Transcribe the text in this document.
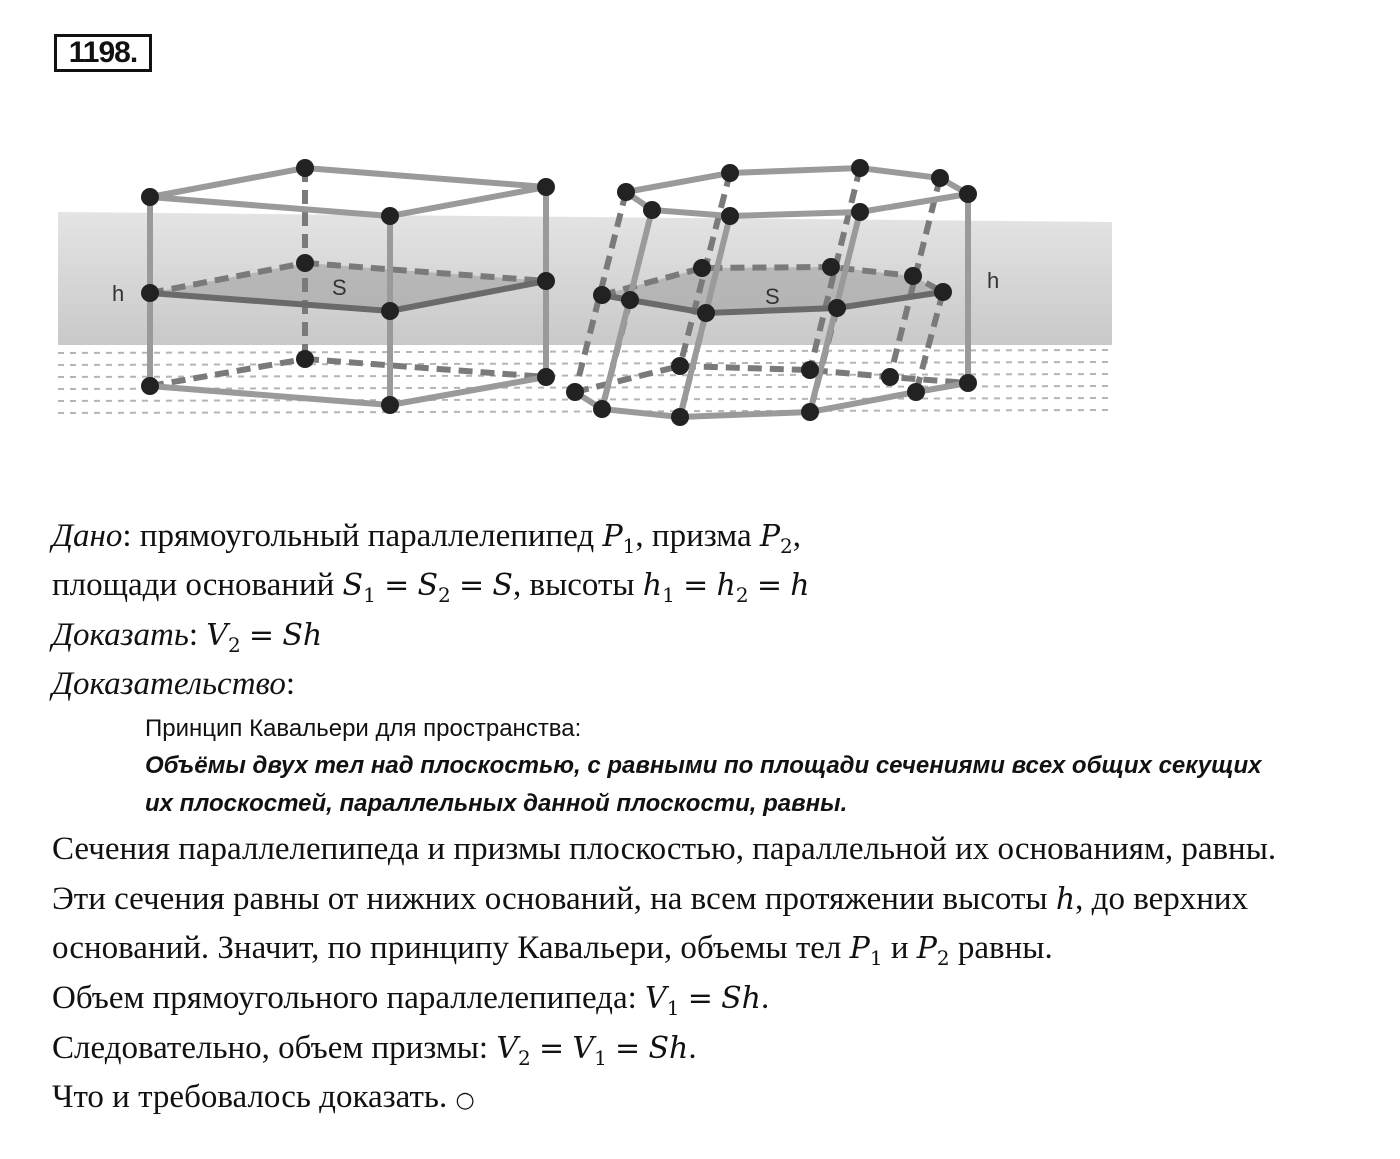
1198.
h	S	S
h
Дано: прямоугольный параллелепипед $P_1$, призма $P_2$,
площади оснований $S_1 = S_2 = S$, высоты $h_1 = h_2 = h$
Доказать: $V_2 = Sh$
Доказательство:
Принцип Кавальери для пространства:
Объёмы двух тел над плоскостью, с равными по площади сечениями всех общих секущих
их плоскостей, параллельных данной плоскости, равны.
Сечения параллелепипеда и призмы плоскостью, параллельной их основаниям, равны.
Эти сечения равны от нижних оснований, на всем протяжении высоты h, до верхних
оснований. Значит, по принципу Кавальери, объемы тел $P_1$ и $P_2$ равны.
Объем прямоугольного параллелепипеда: $V_1 = Sh$.
Следовательно, объем призмы: $V_2 = V_1 = Sh$.
Что и требовалось доказать. ○
